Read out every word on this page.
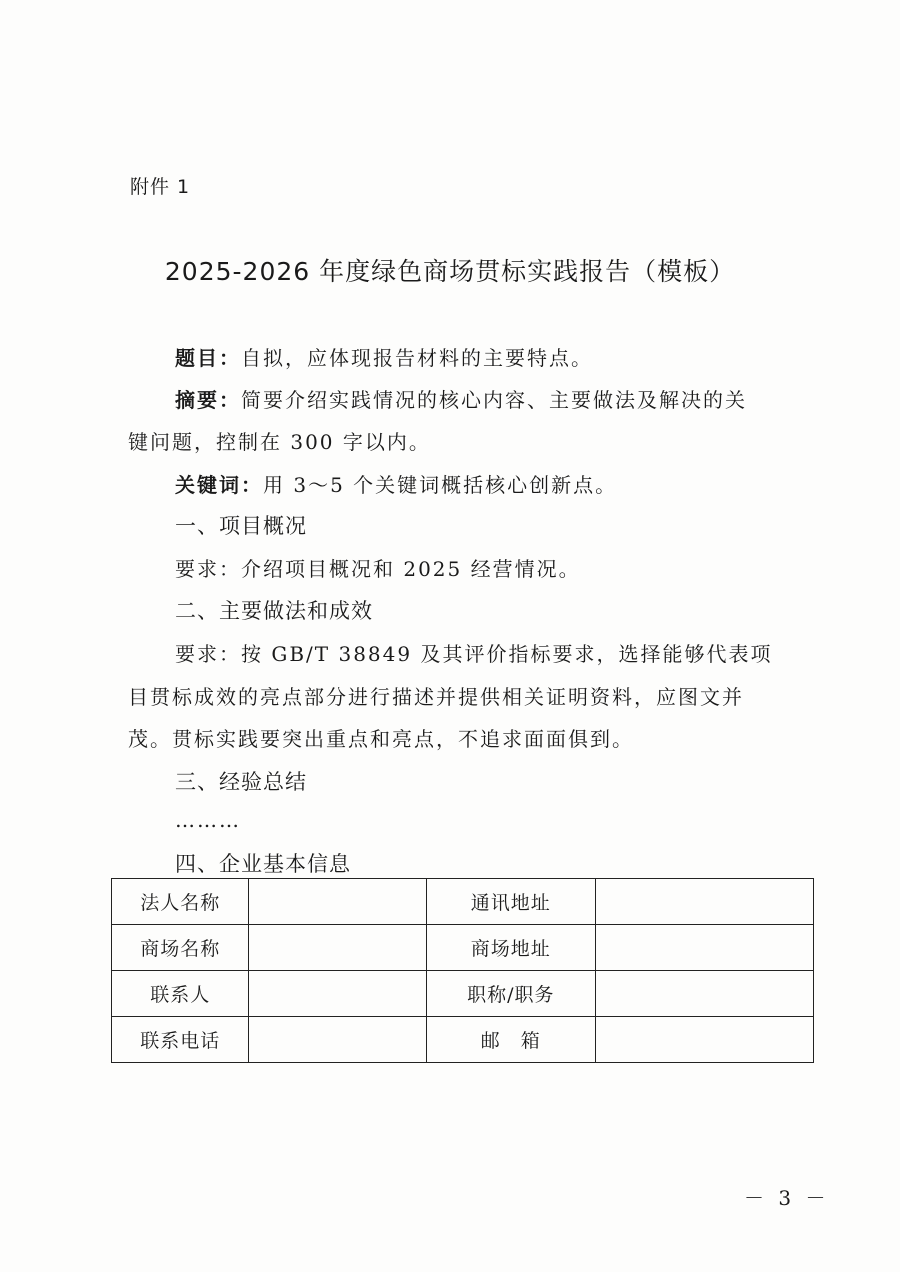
附件 1
2025-2026 年度绿色商场贯标实践报告（模板）
题目：自拟，应体现报告材料的主要特点。
摘要：简要介绍实践情况的核心内容、主要做法及解决的关
键问题，控制在 300 字以内。
关键词：用 3～5 个关键词概括核心创新点。
一、项目概况
要求：介绍项目概况和 2025 经营情况。
二、主要做法和成效
要求：按 GB/T 38849 及其评价指标要求，选择能够代表项
目贯标成效的亮点部分进行描述并提供相关证明资料，应图文并
茂。贯标实践要突出重点和亮点，不追求面面俱到。
三、经验总结
………
四、企业基本信息
法人名称		通讯地址	
商场名称		商场地址	
联系人		职称/职务	
联系电话		邮　箱	
－ 3 －
